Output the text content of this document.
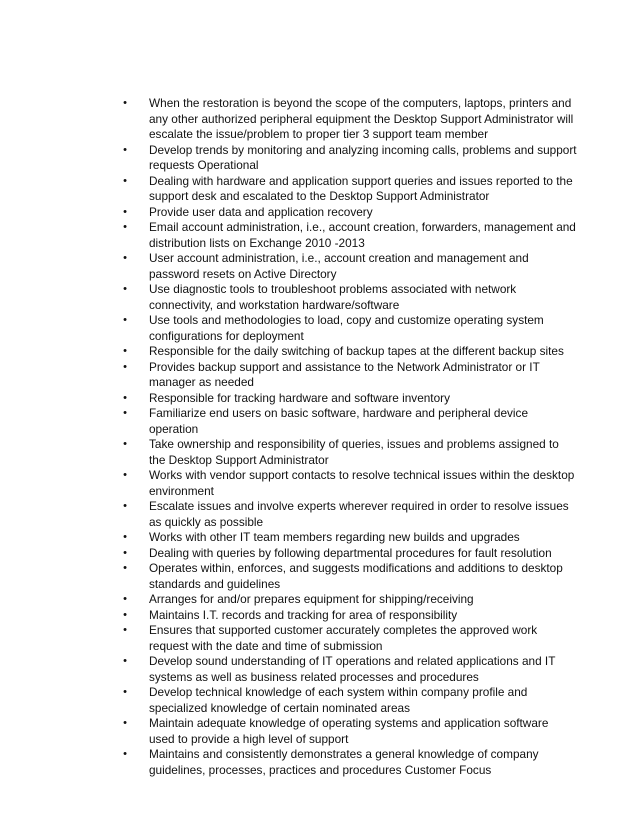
• When the restoration is beyond the scope of the computers, laptops, printers and any other authorized peripheral equipment the Desktop Support Administrator will escalate the issue/problem to proper tier 3 support team member
• Develop trends by monitoring and analyzing incoming calls, problems and support requests Operational
• Dealing with hardware and application support queries and issues reported to the support desk and escalated to the Desktop Support Administrator
• Provide user data and application recovery
• Email account administration, i.e., account creation, forwarders, management and distribution lists on Exchange 2010 -2013
• User account administration, i.e., account creation and management and password resets on Active Directory
• Use diagnostic tools to troubleshoot problems associated with network connectivity, and workstation hardware/software
• Use tools and methodologies to load, copy and customize operating system configurations for deployment
• Responsible for the daily switching of backup tapes at the different backup sites
• Provides backup support and assistance to the Network Administrator or IT manager as needed
• Responsible for tracking hardware and software inventory
• Familiarize end users on basic software, hardware and peripheral device operation
• Take ownership and responsibility of queries, issues and problems assigned to the Desktop Support Administrator
• Works with vendor support contacts to resolve technical issues within the desktop environment
• Escalate issues and involve experts wherever required in order to resolve issues as quickly as possible
• Works with other IT team members regarding new builds and upgrades
• Dealing with queries by following departmental procedures for fault resolution
• Operates within, enforces, and suggests modifications and additions to desktop standards and guidelines
• Arranges for and/or prepares equipment for shipping/receiving
• Maintains I.T. records and tracking for area of responsibility
• Ensures that supported customer accurately completes the approved work request with the date and time of submission
• Develop sound understanding of IT operations and related applications and IT systems as well as business related processes and procedures
• Develop technical knowledge of each system within company profile and specialized knowledge of certain nominated areas
• Maintain adequate knowledge of operating systems and application software used to provide a high level of support
• Maintains and consistently demonstrates a general knowledge of company guidelines, processes, practices and procedures Customer Focus
